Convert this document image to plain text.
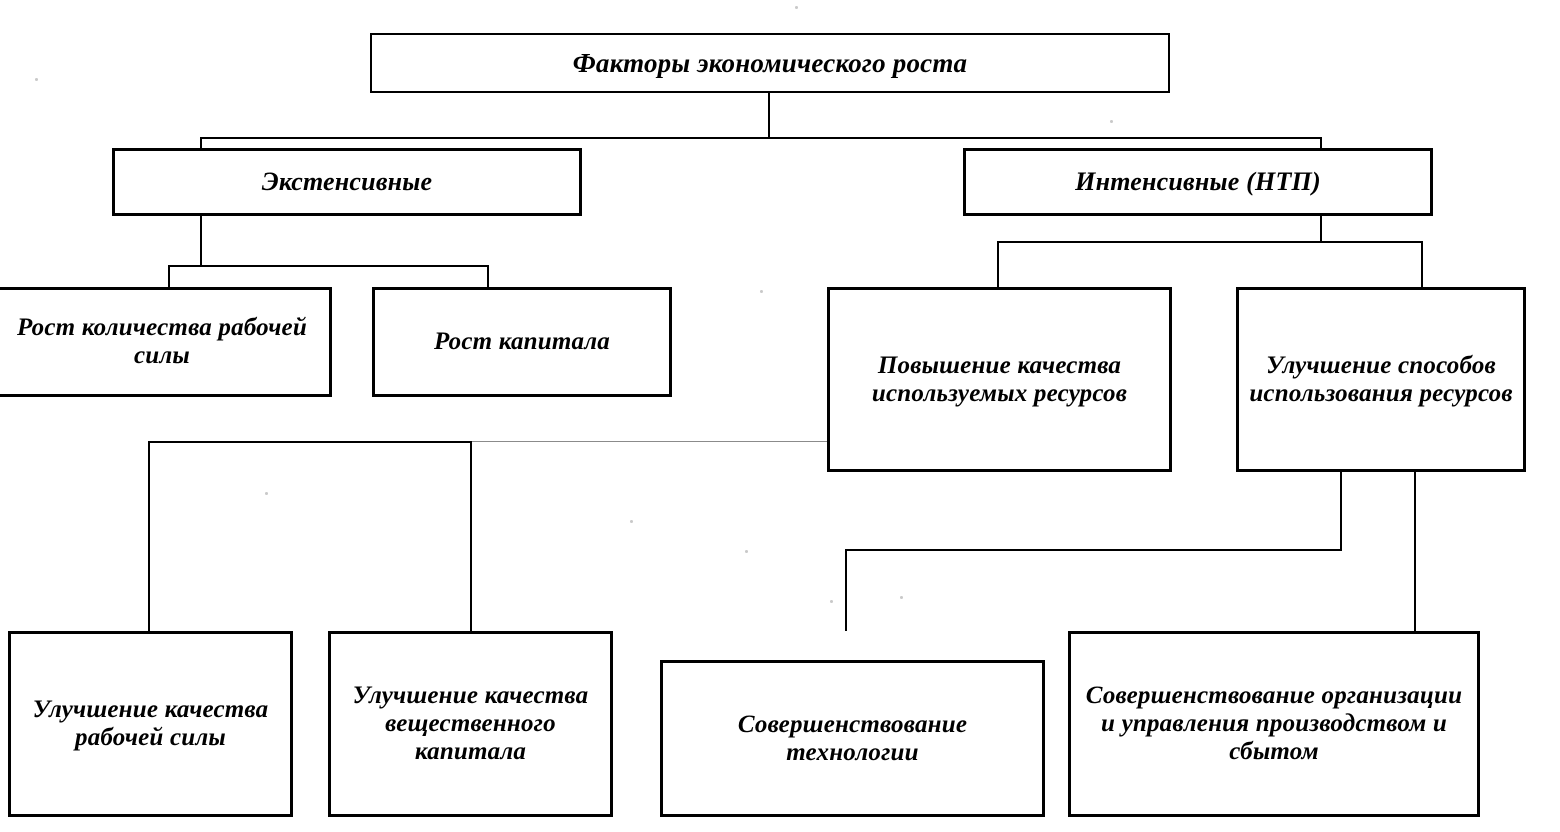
Факторы экономического роста
Экстенсивные	Интенсивные (НТП)
Рост количества рабочей силы
Рост капитала
Повышение качества используемых ресурсов
Улучшение способов использования ресурсов
Улучшение качества рабочей силы
Улучшение качества вещественного капитала
Совершенствование технологии
Совершенствование организации и управления производством и сбытом
